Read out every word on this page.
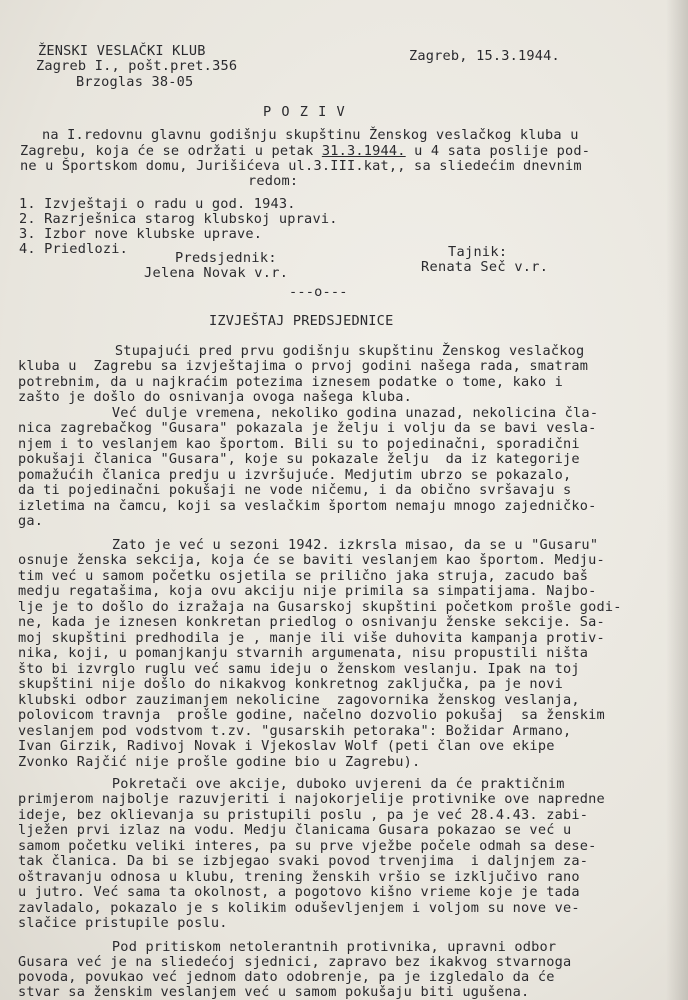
ŽENSKI VESLAČKI KLUB
Zagreb I., pošt.pret.356
Brzoglas 38-05
Zagreb, 15.3.1944.
P O Z I V
na I.redovnu glavnu godišnju skupštinu Ženskog veslačkog kluba u
Zagrebu, koja će se održati u petak 31.3.1944. u 4 sata poslije pod-
ne u Športskom domu, Jurišićeva ul.3.III.kat,, sa sliedećim dnevnim
redom:
1. Izvještaji o radu u god. 1943.
2. Razrješnica starog klubskoj upravi.
3. Izbor nove klubske uprave.
4. Priedlozi.
Predsjednik:
Jelena Novak v.r.
Tajnik:
Renata Seč v.r.
---o---
IZVJEŠTAJ PREDSJEDNICE
Stupajući pred prvu godišnju skupštinu Ženskog veslačkog
kluba u  Zagrebu sa izvještajima o prvoj godini našega rada, smatram
potrebnim, da u najkraćim potezima iznesem podatke o tome, kako i
zašto je došlo do osnivanja ovoga našega kluba.
Već dulje vremena, nekoliko godina unazad, nekolicina čla-
nica zagrebačkog "Gusara" pokazala je želju i volju da se bavi vesla-
njem i to veslanjem kao športom. Bili su to pojedinačni, sporadični
pokušaji članica "Gusara", koje su pokazale želju  da iz kategorije
pomažućih članica predju u izvršujuće. Medjutim ubrzo se pokazalo,
da ti pojedinačni pokušaji ne vode ničemu, i da obično svršavaju s
izletima na čamcu, koji sa veslačkim športom nemaju mnogo zajedničko-
ga.
Zato je već u sezoni 1942. izkrsla misao, da se u "Gusaru"
osnuje ženska sekcija, koja će se baviti veslanjem kao športom. Medju-
tim već u samom početku osjetila se prilično jaka struja, zacudo baš
medju regatašima, koja ovu akciju nije primila sa simpatijama. Najbo-
lje je to došlo do izražaja na Gusarskoj skupštini početkom prošle godi-
ne, kada je iznesen konkretan priedlog o osnivanju ženske sekcije. Sa-
moj skupštini predhodila je , manje ili više duhovita kampanja protiv-
nika, koji, u pomanjkanju stvarnih argumenata, nisu propustili ništa
što bi izvrglo ruglu već samu ideju o ženskom veslanju. Ipak na toj
skupštini nije došlo do nikakvog konkretnog zaključka, pa je novi
klubski odbor zauzimanjem nekolicine  zagovornika ženskog veslanja,
polovicom travnja  prošle godine, načelno dozvolio pokušaj  sa ženskim
veslanjem pod vodstvom t.zv. "gusarskih petoraka": Božidar Armano,
Ivan Girzik, Radivoj Novak i Vjekoslav Wolf (peti član ove ekipe
Zvonko Rajčić nije prošle godine bio u Zagrebu).
Pokretači ove akcije, duboko uvjereni da će praktičnim
primjerom najbolje razuvjeriti i najokorjelije protivnike ove napredne
ideje, bez oklievanja su pristupili poslu , pa je već 28.4.43. zabi-
lježen prvi izlaz na vodu. Medju članicama Gusara pokazao se već u
samom početku veliki interes, pa su prve vježbe počele odmah sa dese-
tak članica. Da bi se izbjegao svaki povod trvenjima  i daljnjem za-
oštravanju odnosa u klubu, trening ženskih vršio se izključivo rano
u jutro. Već sama ta okolnost, a pogotovo kišno vrieme koje je tada
zavladalo, pokazalo je s kolikim oduševljenjem i voljom su nove ve-
slačice pristupile poslu.
Pod pritiskom netolerantnih protivnika, upravni odbor
Gusara već je na sliedećoj sjednici, zapravo bez ikakvog stvarnoga
povoda, povukao već jednom dato odobrenje, pa je izgledalo da će
stvar sa ženskim veslanjem već u samom pokušaju biti ugušena.
